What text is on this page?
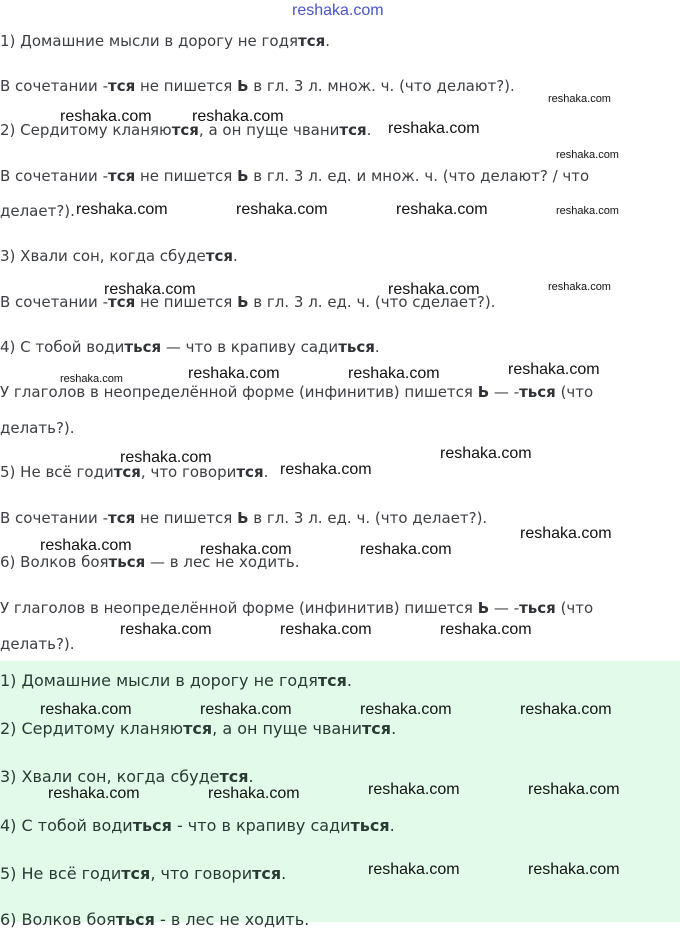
reshaka.com
1) Домашние мысли в дорогу не годятся.
В сочетании -тся не пишется Ь в гл. 3 л. множ. ч. (что делают?).
2) Сердитому кланяются, а он пуще чванится.
В сочетании -тся не пишется Ь в гл. 3 л. ед. и множ. ч. (что делают? / что
делает?).
3) Хвали сон, когда сбудется.
В сочетании -тся не пишется Ь в гл. 3 л. ед. ч. (что сделает?).
4) С тобой водиться — что в крапиву садиться.
У глаголов в неопределённой форме (инфинитив) пишется Ь — -ться (что
делать?).
5) Не всё годится, что говорится.
В сочетании -тся не пишется Ь в гл. 3 л. ед. ч. (что делает?).
6) Волков бояться — в лес не ходить.
У глаголов в неопределённой форме (инфинитив) пишется Ь — -ться (что
делать?).
1) Домашние мысли в дорогу не годятся.
2) Сердитому кланяются, а он пуще чванится.
3) Хвали сон, когда сбудется.
4) С тобой водиться - что в крапиву садиться.
5) Не всё годится, что говорится.
6) Волков бояться - в лес не ходить.
reshaka.com	reshaka.com
reshaka.com
reshaka.com
reshaka.com
reshaka.com	reshaka.com	reshaka.com	reshaka.com
reshaka.com	reshaka.com	reshaka.com
reshaka.com	reshaka.com	reshaka.com	reshaka.com
reshaka.com
reshaka.com
reshaka.com
reshaka.com
reshaka.com	reshaka.com	reshaka.com
reshaka.com	reshaka.com	reshaka.com
reshaka.com	reshaka.com	reshaka.com	reshaka.com
reshaka.com	reshaka.com	reshaka.com	reshaka.com
reshaka.com	reshaka.com
